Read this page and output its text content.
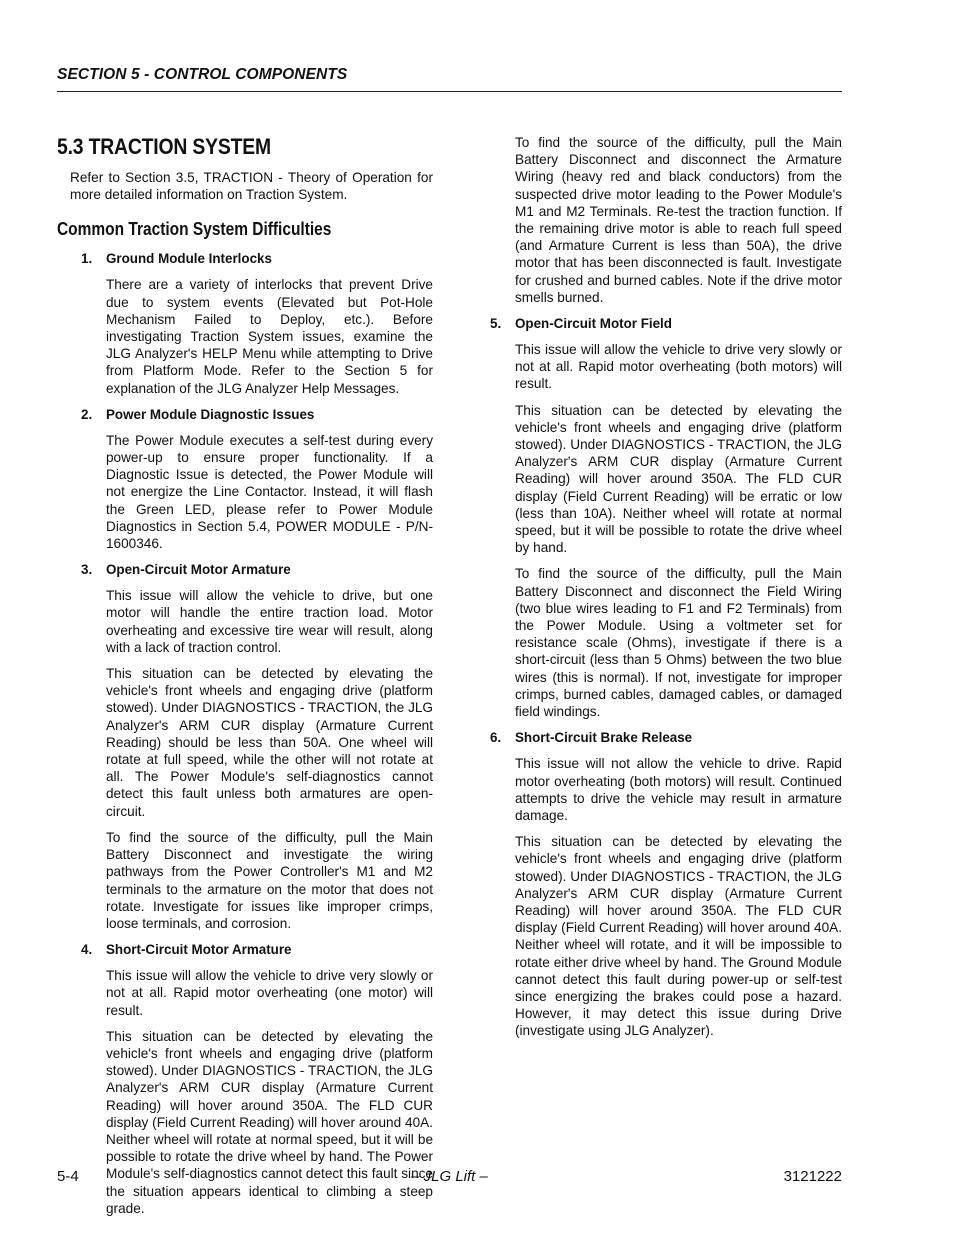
SECTION 5 - CONTROL COMPONENTS
5.3 TRACTION SYSTEM

Refer to Section 3.5, TRACTION - Theory of Operation for more detailed information on Traction System.

Common Traction System Difficulties
1.	Ground Module Interlocks

There are a variety of interlocks that prevent Drive due to system events (Elevated but Pot-Hole Mechanism Failed to Deploy, etc.). Before investigating Traction System issues, examine the JLG Analyzer's HELP Menu while attempting to Drive from Platform Mode. Refer to the Section 5 for explanation of the JLG Analyzer Help Messages.

2.	Power Module Diagnostic Issues

The Power Module executes a self-test during every power-up to ensure proper functionality. If a Diagnostic Issue is detected, the Power Module will not energize the Line Contactor. Instead, it will flash the Green LED, please refer to Power Module Diagnostics in Section 5.4, POWER MODULE - P/N-1600346.

3.	Open-Circuit Motor Armature

This issue will allow the vehicle to drive, but one motor will handle the entire traction load. Motor overheating and excessive tire wear will result, along with a lack of traction control.

This situation can be detected by elevating the vehicle's front wheels and engaging drive (platform stowed). Under DIAGNOSTICS - TRACTION, the JLG Analyzer's ARM CUR display (Armature Current Reading) should be less than 50A. One wheel will rotate at full speed, while the other will not rotate at all. The Power Module's self-diagnostics cannot detect this fault unless both armatures are open-circuit.

To find the source of the difficulty, pull the Main Battery Disconnect and investigate the wiring pathways from the Power Controller's M1 and M2 terminals to the armature on the motor that does not rotate. Investigate for issues like improper crimps, loose terminals, and corrosion.

4.	Short-Circuit Motor Armature

This issue will allow the vehicle to drive very slowly or not at all. Rapid motor overheating (one motor) will result.

This situation can be detected by elevating the vehicle's front wheels and engaging drive (platform stowed). Under DIAGNOSTICS - TRACTION, the JLG Analyzer's ARM CUR display (Armature Current Reading) will hover around 350A. The FLD CUR display (Field Current Reading) will hover around 40A. Neither wheel will rotate at normal speed, but it will be possible to rotate the drive wheel by hand. The Power Module's self-diagnostics cannot detect this fault since the situation appears identical to climbing a steep grade.

To find the source of the difficulty, pull the Main Battery Disconnect and disconnect the Armature Wiring (heavy red and black conductors) from the suspected drive motor leading to the Power Module's M1 and M2 Terminals. Re-test the traction function. If the remaining drive motor is able to reach full speed (and Armature Current is less than 50A), the drive motor that has been disconnected is fault. Investigate for crushed and burned cables. Note if the drive motor smells burned.

5.	Open-Circuit Motor Field

This issue will allow the vehicle to drive very slowly or not at all. Rapid motor overheating (both motors) will result.

This situation can be detected by elevating the vehicle's front wheels and engaging drive (platform stowed). Under DIAGNOSTICS - TRACTION, the JLG Analyzer's ARM CUR display (Armature Current Reading) will hover around 350A. The FLD CUR display (Field Current Reading) will be erratic or low (less than 10A). Neither wheel will rotate at normal speed, but it will be possible to rotate the drive wheel by hand.

To find the source of the difficulty, pull the Main Battery Disconnect and disconnect the Field Wiring (two blue wires leading to F1 and F2 Terminals) from the Power Module. Using a voltmeter set for resistance scale (Ohms), investigate if there is a short-circuit (less than 5 Ohms) between the two blue wires (this is normal). If not, investigate for improper crimps, burned cables, damaged cables, or damaged field windings.

6.	Short-Circuit Brake Release

This issue will not allow the vehicle to drive. Rapid motor overheating (both motors) will result. Continued attempts to drive the vehicle may result in armature damage.

This situation can be detected by elevating the vehicle's front wheels and engaging drive (platform stowed). Under DIAGNOSTICS - TRACTION, the JLG Analyzer's ARM CUR display (Armature Current Reading) will hover around 350A. The FLD CUR display (Field Current Reading) will hover around 40A. Neither wheel will rotate, and it will be impossible to rotate either drive wheel by hand. The Ground Module cannot detect this fault during power-up or self-test since energizing the brakes could pose a hazard. However, it may detect this issue during Drive (investigate using JLG Analyzer).

5-4	– JLG Lift –	3121222
